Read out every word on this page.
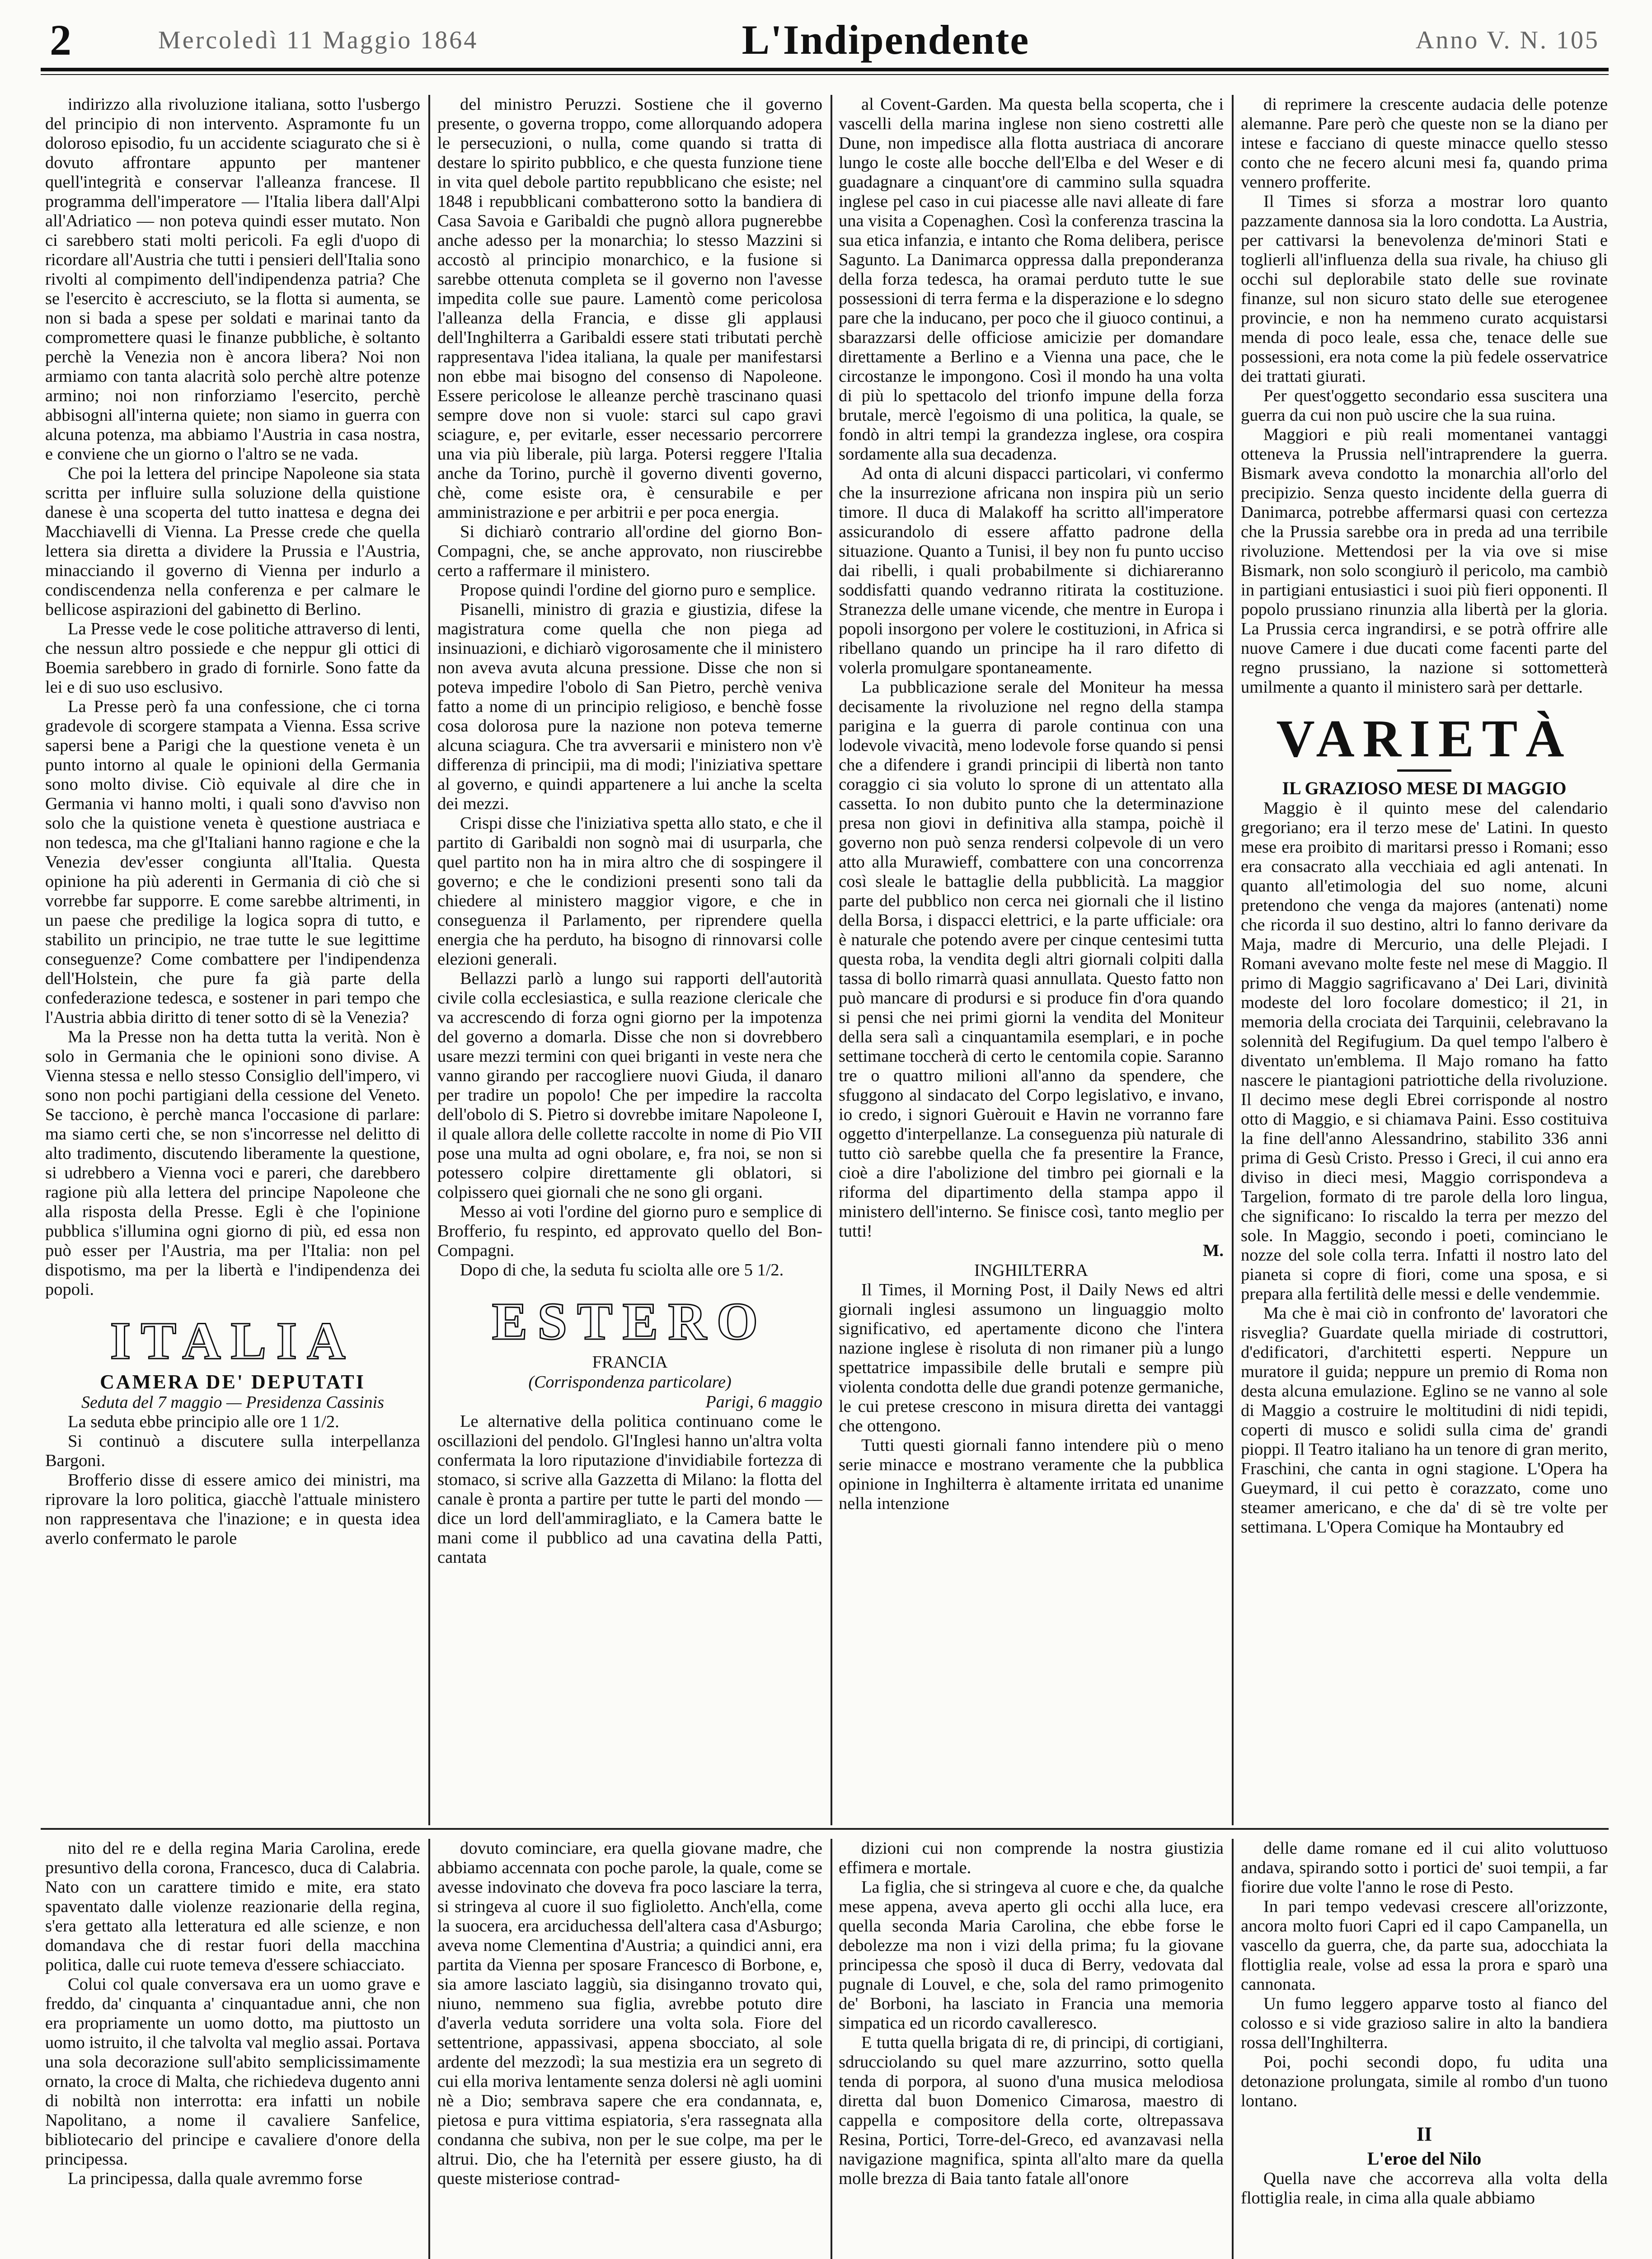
2	Mercoledì 11 Maggio 1864	L'Indipendente	Anno V. N. 105

indirizzo alla rivoluzione italiana, sotto l'usbergo del principio di non intervento. Aspramonte fu un doloroso episodio, fu un accidente sciagurato che si è dovuto affrontare appunto per mantener quell'integrità e conservar l'alleanza francese. Il programma dell'imperatore — l'Italia libera dall'Alpi all'Adriatico — non poteva quindi esser mutato. Non ci sarebbero stati molti pericoli. Fa egli d'uopo di ricordare all'Austria che tutti i pensieri dell'Italia sono rivolti al compimento dell'indipendenza patria? Che se l'esercito è accresciuto, se la flotta si aumenta, se non si bada a spese per soldati e marinai tanto da compromettere quasi le finanze pubbliche, è soltanto perchè la Venezia non è ancora libera? Noi non armiamo con tanta alacrità solo perchè altre potenze armino; noi non rinforziamo l'esercito, perchè abbisogni all'interna quiete; non siamo in guerra con alcuna potenza, ma abbiamo l'Austria in casa nostra, e conviene che un giorno o l'altro se ne vada.

Che poi la lettera del principe Napoleone sia stata scritta per influire sulla soluzione della quistione danese è una scoperta del tutto inattesa e degna dei Macchiavelli di Vienna. La Presse crede che quella lettera sia diretta a dividere la Prussia e l'Austria, minacciando il governo di Vienna per indurlo a condiscendenza nella conferenza e per calmare le bellicose aspirazioni del gabinetto di Berlino.

La Presse vede le cose politiche attraverso di lenti, che nessun altro possiede e che neppur gli ottici di Boemia sarebbero in grado di fornirle. Sono fatte da lei e di suo uso esclusivo.

La Presse però fa una confessione, che ci torna gradevole di scorgere stampata a Vienna. Essa scrive sapersi bene a Parigi che la questione veneta è un punto intorno al quale le opinioni della Germania sono molto divise. Ciò equivale al dire che in Germania vi hanno molti, i quali sono d'avviso non solo che la quistione veneta è questione austriaca e non tedesca, ma che gl'Italiani hanno ragione e che la Venezia dev'esser congiunta all'Italia. Questa opinione ha più aderenti in Germania di ciò che si vorrebbe far supporre. E come sarebbe altrimenti, in un paese che predilige la logica sopra di tutto, e stabilito un principio, ne trae tutte le sue legittime conseguenze? Come combattere per l'indipendenza dell'Holstein, che pure fa già parte della confederazione tedesca, e sostener in pari tempo che l'Austria abbia diritto di tener sotto di sè la Venezia?

Ma la Presse non ha detta tutta la verità. Non è solo in Germania che le opinioni sono divise. A Vienna stessa e nello stesso Consiglio dell'impero, vi sono non pochi partigiani della cessione del Veneto. Se tacciono, è perchè manca l'occasione di parlare: ma siamo certi che, se non s'incorresse nel delitto di alto tradimento, discutendo liberamente la questione, si udrebbero a Vienna voci e pareri, che darebbero ragione più alla lettera del principe Napoleone che alla risposta della Presse. Egli è che l'opinione pubblica s'illumina ogni giorno di più, ed essa non può esser per l'Austria, ma per l'Italia: non pel dispotismo, ma per la libertà e l'indipendenza dei popoli.

ITALIA
CAMERA DE' DEPUTATI
Seduta del 7 maggio — Presidenza Cassinis

La seduta ebbe principio alle ore 1 1/2.

Si continuò a discutere sulla interpellanza Bargoni.

Brofferio disse di essere amico dei ministri, ma riprovare la loro politica, giacchè l'attuale ministero non rappresentava che l'inazione; e in questa idea averlo confermato le parole

nito del re e della regina Maria Carolina, erede presuntivo della corona, Francesco, duca di Calabria. Nato con un carattere timido e mite, era stato spaventato dalle violenze reazionarie della regina, s'era gettato alla letteratura ed alle scienze, e non domandava che di restar fuori della macchina politica, dalle cui ruote temeva d'essere schiacciato.

Colui col quale conversava era un uomo grave e freddo, da' cinquanta a' cinquantadue anni, che non era propriamente un uomo dotto, ma piuttosto un uomo istruito, il che talvolta val meglio assai. Portava una sola decorazione sull'abito semplicissimamente ornato, la croce di Malta, che richiedeva dugento anni di nobiltà non interrotta: era infatti un nobile Napolitano, a nome il cavaliere Sanfelice, bibliotecario del principe e cavaliere d'onore della principessa.

La principessa, dalla quale avremmo forse

del ministro Peruzzi. Sostiene che il governo presente, o governa troppo, come allorquando adopera le persecuzioni, o nulla, come quando si tratta di destare lo spirito pubblico, e che questa funzione tiene in vita quel debole partito repubblicano che esiste; nel 1848 i repubblicani combatterono sotto la bandiera di Casa Savoia e Garibaldi che pugnò allora pugnerebbe anche adesso per la monarchia; lo stesso Mazzini si accostò al principio monarchico, e la fusione si sarebbe ottenuta completa se il governo non l'avesse impedita colle sue paure. Lamentò come pericolosa l'alleanza della Francia, e disse gli applausi dell'Inghilterra a Garibaldi essere stati tributati perchè rappresentava l'idea italiana, la quale per manifestarsi non ebbe mai bisogno del consenso di Napoleone. Essere pericolose le alleanze perchè trascinano quasi sempre dove non si vuole: starci sul capo gravi sciagure, e, per evitarle, esser necessario percorrere una via più liberale, più larga. Potersi reggere l'Italia anche da Torino, purchè il governo diventi governo, chè, come esiste ora, è censurabile e per amministrazione e per arbitrii e per poca energia.

Si dichiarò contrario all'ordine del giorno Bon-Compagni, che, se anche approvato, non riuscirebbe certo a raffermare il ministero.

Propose quindi l'ordine del giorno puro e semplice.

Pisanelli, ministro di grazia e giustizia, difese la magistratura come quella che non piega ad insinuazioni, e dichiarò vigorosamente che il ministero non aveva avuta alcuna pressione. Disse che non si poteva impedire l'obolo di San Pietro, perchè veniva fatto a nome di un principio religioso, e benchè fosse cosa dolorosa pure la nazione non poteva temerne alcuna sciagura. Che tra avversarii e ministero non v'è differenza di principii, ma di modi; l'iniziativa spettare al governo, e quindi appartenere a lui anche la scelta dei mezzi.

Crispi disse che l'iniziativa spetta allo stato, e che il partito di Garibaldi non sognò mai di usurparla, che quel partito non ha in mira altro che di sospingere il governo; e che le condizioni presenti sono tali da chiedere al ministero maggior vigore, e che in conseguenza il Parlamento, per riprendere quella energia che ha perduto, ha bisogno di rinnovarsi colle elezioni generali.

Bellazzi parlò a lungo sui rapporti dell'autorità civile colla ecclesiastica, e sulla reazione clericale che va accrescendo di forza ogni giorno per la impotenza del governo a domarla. Disse che non si dovrebbero usare mezzi termini con quei briganti in veste nera che vanno girando per raccogliere nuovi Giuda, il danaro per tradire un popolo! Che per impedire la raccolta dell'obolo di S. Pietro si dovrebbe imitare Napoleone I, il quale allora delle collette raccolte in nome di Pio VII pose una multa ad ogni obolare, e, fra noi, se non si potessero colpire direttamente gli oblatori, si colpissero quei giornali che ne sono gli organi.

Messo ai voti l'ordine del giorno puro e semplice di Brofferio, fu respinto, ed approvato quello del Bon-Compagni.

Dopo di che, la seduta fu sciolta alle ore 5 1/2.

ESTERO
FRANCIA
(Corrispondenza particolare)
Parigi, 6 maggio

Le alternative della politica continuano come le oscillazioni del pendolo. Gl'Inglesi hanno un'altra volta confermata la loro riputazione d'invidiabile fortezza di stomaco, si scrive alla Gazzetta di Milano: la flotta del canale è pronta a partire per tutte le parti del mondo — dice un lord dell'ammiragliato, e la Camera batte le mani come il pubblico ad una cavatina della Patti, cantata

dovuto cominciare, era quella giovane madre, che abbiamo accennata con poche parole, la quale, come se avesse indovinato che doveva fra poco lasciare la terra, si stringeva al cuore il suo figlioletto. Anch'ella, come la suocera, era arciduchessa dell'altera casa d'Asburgo; aveva nome Clementina d'Austria; a quindici anni, era partita da Vienna per sposare Francesco di Borbone, e, sia amore lasciato laggiù, sia disinganno trovato qui, niuno, nemmeno sua figlia, avrebbe potuto dire d'averla veduta sorridere una volta sola. Fiore del settentrione, appassivasi, appena sbocciato, al sole ardente del mezzodì; la sua mestizia era un segreto di cui ella moriva lentamente senza dolersi nè agli uomini nè a Dio; sembrava sapere che era condannata, e, pietosa e pura vittima espiatoria, s'era rassegnata alla condanna che subiva, non per le sue colpe, ma per le altrui. Dio, che ha l'eternità per essere giusto, ha di queste misteriose contrad-

al Covent-Garden. Ma questa bella scoperta, che i vascelli della marina inglese non sieno costretti alle Dune, non impedisce alla flotta austriaca di ancorare lungo le coste alle bocche dell'Elba e del Weser e di guadagnare a cinquant'ore di cammino sulla squadra inglese pel caso in cui piacesse alle navi alleate di fare una visita a Copenaghen. Così la conferenza trascina la sua etica infanzia, e intanto che Roma delibera, perisce Sagunto. La Danimarca oppressa dalla preponderanza della forza tedesca, ha oramai perduto tutte le sue possessioni di terra ferma e la disperazione e lo sdegno pare che la inducano, per poco che il giuoco continui, a sbarazzarsi delle officiose amicizie per domandare direttamente a Berlino e a Vienna una pace, che le circostanze le impongono. Così il mondo ha una volta di più lo spettacolo del trionfo impune della forza brutale, mercè l'egoismo di una politica, la quale, se fondò in altri tempi la grandezza inglese, ora cospira sordamente alla sua decadenza.

Ad onta di alcuni dispacci particolari, vi confermo che la insurrezione africana non inspira più un serio timore. Il duca di Malakoff ha scritto all'imperatore assicurandolo di essere affatto padrone della situazione. Quanto a Tunisi, il bey non fu punto ucciso dai ribelli, i quali probabilmente si dichiareranno soddisfatti quando vedranno ritirata la costituzione. Stranezza delle umane vicende, che mentre in Europa i popoli insorgono per volere le costituzioni, in Africa si ribellano quando un principe ha il raro difetto di volerla promulgare spontaneamente.

La pubblicazione serale del Moniteur ha messa decisamente la rivoluzione nel regno della stampa parigina e la guerra di parole continua con una lodevole vivacità, meno lodevole forse quando si pensi che a difendere i grandi principii di libertà non tanto coraggio ci sia voluto lo sprone di un attentato alla cassetta. Io non dubito punto che la determinazione presa non giovi in definitiva alla stampa, poichè il governo non può senza rendersi colpevole di un vero atto alla Murawieff, combattere con una concorrenza così sleale le battaglie della pubblicità. La maggior parte del pubblico non cerca nei giornali che il listino della Borsa, i dispacci elettrici, e la parte ufficiale: ora è naturale che potendo avere per cinque centesimi tutta questa roba, la vendita degli altri giornali colpiti dalla tassa di bollo rimarrà quasi annullata. Questo fatto non può mancare di prodursi e si produce fin d'ora quando si pensi che nei primi giorni la vendita del Moniteur della sera salì a cinquantamila esemplari, e in poche settimane toccherà di certo le centomila copie. Saranno tre o quattro milioni all'anno da spendere, che sfuggono al sindacato del Corpo legislativo, e invano, io credo, i signori Guèrouit e Havin ne vorranno fare oggetto d'interpellanze. La conseguenza più naturale di tutto ciò sarebbe quella che fa presentire la France, cioè a dire l'abolizione del timbro pei giornali e la riforma del dipartimento della stampa appo il ministero dell'interno. Se finisce così, tanto meglio per tutti!

M.
INGHILTERRA

Il Times, il Morning Post, il Daily News ed altri giornali inglesi assumono un linguaggio molto significativo, ed apertamente dicono che l'intera nazione inglese è risoluta di non rimaner più a lungo spettatrice impassibile delle brutali e sempre più violenta condotta delle due grandi potenze germaniche, le cui pretese crescono in misura diretta dei vantaggi che ottengono.

Tutti questi giornali fanno intendere più o meno serie minacce e mostrano veramente che la pubblica opinione in Inghilterra è altamente irritata ed unanime nella intenzione

dizioni cui non comprende la nostra giustizia effimera e mortale.

La figlia, che si stringeva al cuore e che, da qualche mese appena, aveva aperto gli occhi alla luce, era quella seconda Maria Carolina, che ebbe forse le debolezze ma non i vizi della prima; fu la giovane principessa che sposò il duca di Berry, vedovata dal pugnale di Louvel, e che, sola del ramo primogenito de' Borboni, ha lasciato in Francia una memoria simpatica ed un ricordo cavalleresco.

E tutta quella brigata di re, di principi, di cortigiani, sdrucciolando su quel mare azzurrino, sotto quella tenda di porpora, al suono d'una musica melodiosa diretta dal buon Domenico Cimarosa, maestro di cappella e compositore della corte, oltrepassava Resina, Portici, Torre-del-Greco, ed avanzavasi nella navigazione magnifica, spinta all'alto mare da quella molle brezza di Baia tanto fatale all'onore

di reprimere la crescente audacia delle potenze alemanne. Pare però che queste non se la diano per intese e facciano di queste minacce quello stesso conto che ne fecero alcuni mesi fa, quando prima vennero profferite.

Il Times si sforza a mostrar loro quanto pazzamente dannosa sia la loro condotta. La Austria, per cattivarsi la benevolenza de'minori Stati e toglierli all'influenza della sua rivale, ha chiuso gli occhi sul deplorabile stato delle sue rovinate finanze, sul non sicuro stato delle sue eterogenee provincie, e non ha nemmeno curato acquistarsi menda di poco leale, essa che, tenace delle sue possessioni, era nota come la più fedele osservatrice dei trattati giurati.

Per quest'oggetto secondario essa suscitera una guerra da cui non può uscire che la sua ruina.

Maggiori e più reali momentanei vantaggi otteneva la Prussia nell'intraprendere la guerra. Bismark aveva condotto la monarchia all'orlo del precipizio. Senza questo incidente della guerra di Danimarca, potrebbe affermarsi quasi con certezza che la Prussia sarebbe ora in preda ad una terribile rivoluzione. Mettendosi per la via ove si mise Bismark, non solo scongiurò il pericolo, ma cambiò in partigiani entusiastici i suoi più fieri opponenti. Il popolo prussiano rinunzia alla libertà per la gloria. La Prussia cerca ingrandirsi, e se potrà offrire alle nuove Camere i due ducati come facenti parte del regno prussiano, la nazione si sottometterà umilmente a quanto il ministero sarà per dettarle.

VARIETÀ
IL GRAZIOSO MESE DI MAGGIO

Maggio è il quinto mese del calendario gregoriano; era il terzo mese de' Latini. In questo mese era proibito di maritarsi presso i Romani; esso era consacrato alla vecchiaia ed agli antenati. In quanto all'etimologia del suo nome, alcuni pretendono che venga da majores (antenati) nome che ricorda il suo destino, altri lo fanno derivare da Maja, madre di Mercurio, una delle Plejadi. I Romani avevano molte feste nel mese di Maggio. Il primo di Maggio sagrificavano a' Dei Lari, divinità modeste del loro focolare domestico; il 21, in memoria della crociata dei Tarquinii, celebravano la solennità del Regifugium. Da quel tempo l'albero è diventato un'emblema. Il Majo romano ha fatto nascere le piantagioni patriottiche della rivoluzione. Il decimo mese degli Ebrei corrisponde al nostro otto di Maggio, e si chiamava Paini. Esso costituiva la fine dell'anno Alessandrino, stabilito 336 anni prima di Gesù Cristo. Presso i Greci, il cui anno era diviso in dieci mesi, Maggio corrispondeva a Targelion, formato di tre parole della loro lingua, che significano: Io riscaldo la terra per mezzo del sole. In Maggio, secondo i poeti, cominciano le nozze del sole colla terra. Infatti il nostro lato del pianeta si copre di fiori, come una sposa, e si prepara alla fertilità delle messi e delle vendemmie.

Ma che è mai ciò in confronto de' lavoratori che risveglia? Guardate quella miriade di costruttori, d'edificatori, d'architetti esperti. Neppure un muratore il guida; neppure un premio di Roma non desta alcuna emulazione. Eglino se ne vanno al sole di Maggio a costruire le moltitudini di nidi tepidi, coperti di musco e solidi sulla cima de' grandi pioppi. Il Teatro italiano ha un tenore di gran merito, Fraschini, che canta in ogni stagione. L'Opera ha Gueymard, il cui petto è corazzato, come uno steamer americano, e che da' di sè tre volte per settimana. L'Opera Comique ha Montaubry ed

delle dame romane ed il cui alito voluttuoso andava, spirando sotto i portici de' suoi tempii, a far fiorire due volte l'anno le rose di Pesto.

In pari tempo vedevasi crescere all'orizzonte, ancora molto fuori Capri ed il capo Campanella, un vascello da guerra, che, da parte sua, adocchiata la flottiglia reale, volse ad essa la prora e sparò una cannonata.

Un fumo leggero apparve tosto al fianco del colosso e si vide grazioso salire in alto la bandiera rossa dell'Inghilterra.

Poi, pochi secondi dopo, fu udita una detonazione prolungata, simile al rombo d'un tuono lontano.

II
L'eroe del Nilo

Quella nave che accorreva alla volta della flottiglia reale, in cima alla quale abbiamo
